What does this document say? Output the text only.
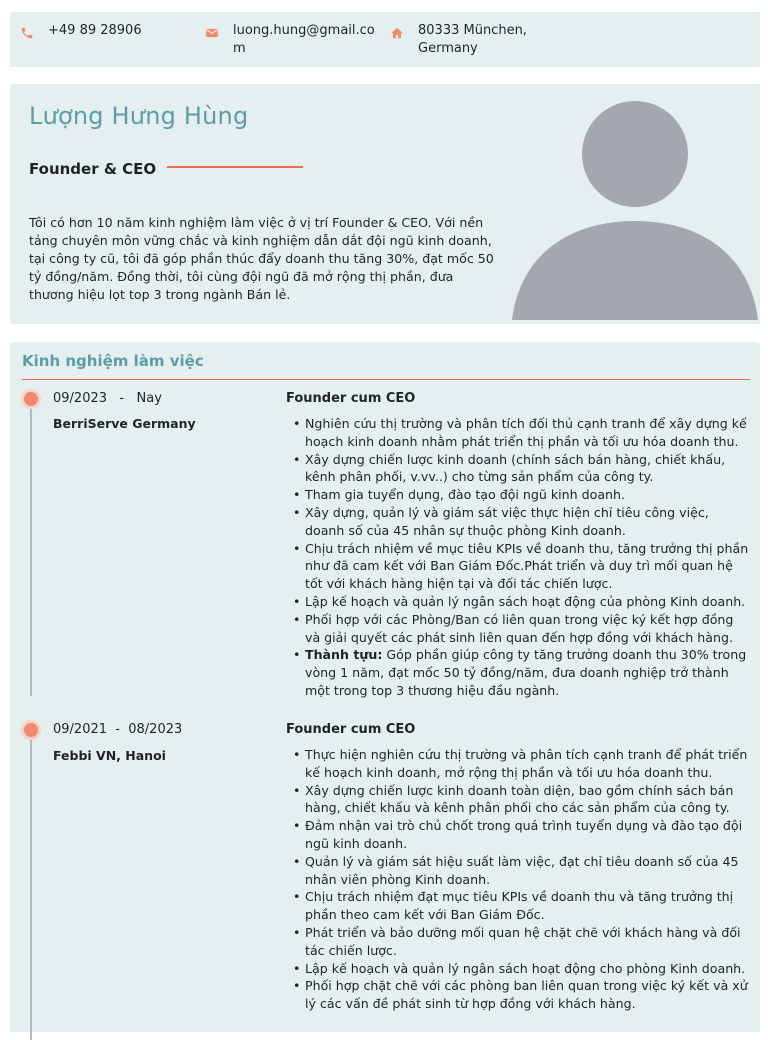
+49 89 28906	luong.hung@gmail.com
80333 München, Germany
Lượng Hưng Hùng
Founder & CEO

Tôi có hơn 10 năm kinh nghiệm làm việc ở vị trí Founder & CEO. Với nền tảng chuyên môn vững chắc và kinh nghiệm dẫn dắt đội ngũ kinh doanh, tại công ty cũ, tôi đã góp phần thúc đẩy doanh thu tăng 30%, đạt mốc 50 tỷ đồng/năm. Đồng thời, tôi cùng đội ngũ đã mở rộng thị phần, đưa thương hiệu lọt top 3 trong ngành Bán lẻ.

Kinh nghiệm làm việc
09/2023   -   Nay
BerriServe Germany
Founder cum CEO
• Nghiên cứu thị trường và phân tích đối thủ cạnh tranh để xây dựng kế hoạch kinh doanh nhằm phát triển thị phần và tối ưu hóa doanh thu.
• Xây dựng chiến lược kinh doanh (chính sách bán hàng, chiết khấu, kênh phân phối, v.vv..) cho từng sản phẩm của công ty.
• Tham gia tuyển dụng, đào tạo đội ngũ kinh doanh.
• Xây dựng, quản lý và giám sát việc thực hiện chỉ tiêu công việc, doanh số của 45 nhân sự thuộc phòng Kinh doanh.
• Chịu trách nhiệm về mục tiêu KPIs về doanh thu, tăng trưởng thị phần như đã cam kết với Ban Giám Đốc.Phát triển và duy trì mối quan hệ tốt với khách hàng hiện tại và đối tác chiến lược.
• Lập kế hoạch và quản lý ngân sách hoạt động của phòng Kinh doanh.
• Phối hợp với các Phòng/Ban có liên quan trong việc ký kết hợp đồng và giải quyết các phát sinh liên quan đến hợp đồng với khách hàng.
• Thành tựu: Góp phần giúp công ty tăng trưởng doanh thu 30% trong vòng 1 năm, đạt mốc 50 tỷ đồng/năm, đưa doanh nghiệp trở thành một trong top 3 thương hiệu đầu ngành.
09/2021  -  08/2023
Febbi VN, Hanoi
Founder cum CEO
• Thực hiện nghiên cứu thị trường và phân tích cạnh tranh để phát triển kế hoạch kinh doanh, mở rộng thị phần và tối ưu hóa doanh thu.
• Xây dựng chiến lược kinh doanh toàn diện, bao gồm chính sách bán hàng, chiết khấu và kênh phân phối cho các sản phẩm của công ty.
• Đảm nhận vai trò chủ chốt trong quá trình tuyển dụng và đào tạo đội ngũ kinh doanh.
• Quản lý và giám sát hiệu suất làm việc, đạt chỉ tiêu doanh số của 45 nhân viên phòng Kinh doanh.
• Chịu trách nhiệm đạt mục tiêu KPIs về doanh thu và tăng trưởng thị phần theo cam kết với Ban Giám Đốc.
• Phát triển và bảo dưỡng mối quan hệ chặt chẽ với khách hàng và đối tác chiến lược.
• Lập kế hoạch và quản lý ngân sách hoạt động cho phòng Kinh doanh.
• Phối hợp chặt chẽ với các phòng ban liên quan trong việc ký kết và xử lý các vấn đề phát sinh từ hợp đồng với khách hàng.
